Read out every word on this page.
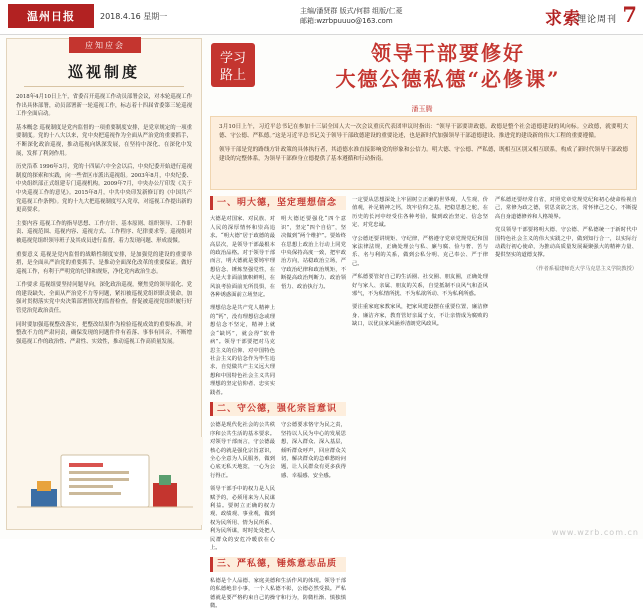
温州日报	2018.4.16 星期一
主编/潘贤群 版式/何群 组版/仁菱
邮箱:wzrbpuuuo@163.com	求索
理论周刊 7
应知应会
巡视制度

2018年4月10日上午，省委召开巡视工作动员部署会议，对本轮巡视工作作出具体部署，动员部署新一轮巡视工作，标志着十四届省委第三轮巡视工作全面启动。

基本概念 巡视制度是党内监督的一项重要制度安排，是党章规定的一项重要制度。党的十八大以来，党中央把巡视作为全面从严治党的重要抓手，不断深化政治巡视，推动巡视向纵深发展，在坚持中深化、在深化中发展，发挥了利剑作用。

历史沿革 1996年3月，党的十四届六中全会以后，中央纪委开始进行巡视制度的探索和实践，向一些省区市派出巡视组。2003年8月，中央纪委、中央组织部正式组建专门巡视机构。2009年7月，中央办公厅印发《关于中央巡视工作的意见》。2015年8月，中共中央印发新修订的《中国共产党巡视工作条例》。党的十九大把巡视制度写入党章，对巡视工作提出新的更高要求。

主要内容 巡视工作的指导思想、工作方针、基本原则、组织领导、工作职责、巡视范围、巡视内容、巡视方式、工作程序、纪律要求等。巡视组对被巡视党组织领导班子及其成员进行监督，着力发现问题、形成震慑。

重要意义 巡视是党内监督的战略性制度安排，是加强党的建设的重要举措，是全面从严治党的重要抓手，是推动全面深化改革的重要保证。做好巡视工作，有利于严明党的纪律和规矩，净化党内政治生态。

工作要求 巡视组要坚持问题导向，深化政治巡视，聚焦党的领导弱化、党的建设缺失、全面从严治党不力等问题，紧扣被巡视党组织职责使命，加强对贯彻落实党中央决策部署情况的监督检查，督促被巡视党组织履行好管党治党政治责任。

同时要加强巡视整改落实，把整改结果作为检验巡视成效的重要标准，对整改不力的严肃问责，确保发现的问题件件有着落、事事有回音，不断增强巡视工作的政治性、严肃性、实效性，推动巡视工作高质量发展。

学习
路上
领导干部要修好
大德公德私德“必修课”
潘玉腾

3月10日上午，习近平总书记在参加十三届全国人大一次会议重庆代表团审议时指出：“领导干部要讲政德。政德是整个社会道德建设的风向标。立政德，就要明大德、守公德、严私德。”这是习近平总书记关于领导干部政德建设的重要论述，也是新时代加强领导干部道德建设、推进党的建设新的伟大工程的重要遵循。

领导干部是党的路线方针政策的具体执行者，其道德水准直接影响党的形象和公信力。明大德、守公德、严私德，既相互区别又相互联系，构成了新时代领导干部政德建设的完整体系，为领导干部修身立德提供了基本遵循和行动指南。

一、明大德，坚定理想信念

大德是对国家、对民族、对人民的深厚情怀和崇高追求。“明大德”居于政德的最高层次，是领导干部最根本的政治品格。对于领导干部而言，明大德就是要铸牢理想信念、锤炼坚强党性，在大是大非面前旗帜鲜明，在风浪考验面前无所畏惧，在各种诱惑面前立场坚定。

理想信念是共产党人精神上的“钙”，没有理想信念或理想信念不坚定，精神上就会“缺钙”，就会得“软骨病”。领导干部要把对马克思主义的信仰、对中国特色社会主义的信念作为毕生追求，自觉做共产主义远大理想和中国特色社会主义共同理想的坚定信仰者、忠实实践者。

明大德还要强化“四个意识”，坚定“四个自信”，坚决做到“两个维护”。要始终在思想上政治上行动上同党中央保持高度一致，把牢政治方向，站稳政治立场，严守政治纪律和政治规矩，不断提高政治判断力、政治领悟力、政治执行力。

二、守公德，强化宗旨意识

公德是现代化社会的公共秩序和公共生活的基本要求。对领导干部而言，守公德最核心的就是强化宗旨意识，全心全意为人民服务，做到心底无私天地宽，一心为公行得正。

领导干部手中的权力是人民赋予的，必须用来为人民谋利益。要树立正确的权力观、政绩观、事业观，做到权为民所用、情为民所系、利为民所谋，时时处处把人民群众的安危冷暖放在心上。

守公德要求恪守为民之责，坚持以人民为中心的发展思想，深入群众、深入基层，倾听群众呼声，回应群众关切，解决群众的急难愁盼问题，让人民群众有更多获得感、幸福感、安全感。

三、严私德，锤炼意志品质

私德是个人品德、家庭美德和生活作风的体现。领导干部的私德绝非小事，一个人私德不彰，公德必然受损。严私德就是要严格约束自己的操守和行为，防微杜渐、慎独慎微。

一定要从思想深处上牢固树立正确的世界观、人生观、价值观，补足精神之钙，筑牢信仰之基，把稳思想之舵，在历史的长河中经受住各种考验，做到政治坚定、信念坚定、对党忠诚。

守公德还要讲规矩、守纪律，严格遵守党章党规党纪和国家法律法规，正确处理公与私、廉与腐、俭与奢、苦与乐、名与利的关系，做到公私分明、克己奉公、严于律己。

严私德要管好自己的生活圈、社交圈、朋友圈，正确处理好与家人、亲属、朋友的关系，自觉抵制不良风气和歪风邪气，不为私情所扰、不为私欲所动、不为私利所惑。

要注重家庭家教家风，把家风建设摆在重要位置，廉洁修身、廉洁齐家，教育管好亲属子女，不让亲情成为腐败的缺口，以优良家风涵养清朗党风政风。

严私德还要经常自省，对照党章党规党纪和初心使命检视自己，常修为政之德，常思贪欲之害，常怀律己之心，不断提高自身道德修养和人格境界。

党员领导干部要将明大德、守公德、严私德统一于新时代中国特色社会主义的伟大实践之中，做到知行合一，以实际行动践行初心使命，为推动高质量发展凝聚强大的精神力量、提供坚实的道德支撑。

（作者系福建师范大学马克思主义学院教授）
www.wzrb.com.cn
